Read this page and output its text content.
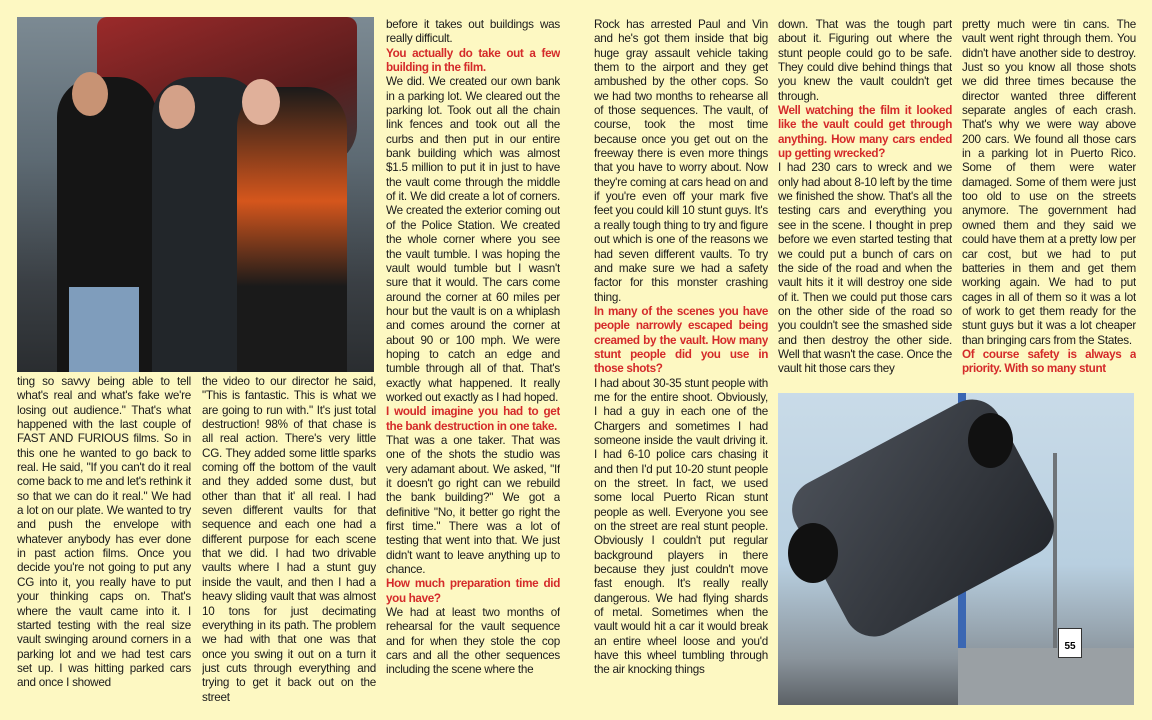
55

ting so savvy being able to tell what's real and what's fake we're losing out audience." That's what happened with the last couple of FAST AND FURIOUS films. So in this one he wanted to go back to real. He said, "If you can't do it real come back to me and let's rethink it so that we can do it real." We had a lot on our plate. We wanted to try and push the envelope with whatever anybody has ever done in past action films. Once you decide you're not going to put any CG into it, you really have to put your thinking caps on. That's where the vault came into it. I started testing with the real size vault swinging around corners in a parking lot and we had test cars set up. I was hitting parked cars and once I showed

the video to our director he said, "This is fantastic. This is what we are going to run with." It's just total destruction! 98% of that chase is all real action. There's very little CG. They added some little sparks coming off the bottom of the vault and they added some dust, but other than that it' all real. I had seven different vaults for that sequence and each one had a different purpose for each scene that we did. I had two drivable vaults where I had a stunt guy inside the vault, and then I had a heavy sliding vault that was almost 10 tons for just decimating everything in its path. The problem we had with that one was that once you swing it out on a turn it just cuts through everything and trying to get it back out on the street

before it takes out buildings was really difficult.

You actually do take out a few building in the film.

We did. We created our own bank in a parking lot. We cleared out the parking lot. Took out all the chain link fences and took out all the curbs and then put in our entire bank building which was almost $1.5 million to put it in just to have the vault come through the middle of it. We did create a lot of corners. We created the exterior coming out of the Police Station. We created the whole corner where you see the vault tumble. I was hoping the vault would tumble but I wasn't sure that it would. The cars come around the corner at 60 miles per hour but the vault is on a whiplash and comes around the corner at about 90 or 100 mph. We were hoping to catch an edge and tumble through all of that. That's exactly what happened. It really worked out exactly as I had hoped.

I would imagine you had to get the bank destruction in one take.

That was a one taker. That was one of the shots the studio was very adamant about. We asked, "If it doesn't go right can we rebuild the bank building?" We got a definitive "No, it better go right the first time." There was a lot of testing that went into that. We just didn't want to leave anything up to chance.

How much preparation time did you have?

We had at least two months of rehearsal for the vault sequence and for when they stole the cop cars and all the other sequences including the scene where the

Rock has arrested Paul and Vin and he's got them inside that big huge gray assault vehicle taking them to the airport and they get ambushed by the other cops. So we had two months to rehearse all of those sequences. The vault, of course, took the most time because once you get out on the freeway there is even more things that you have to worry about. Now they're coming at cars head on and if you're even off your mark five feet you could kill 10 stunt guys. It's a really tough thing to try and figure out which is one of the reasons we had seven different vaults. To try and make sure we had a safety factor for this monster crashing thing.

In many of the scenes you have people narrowly escaped being creamed by the vault. How many stunt people did you use in those shots?

I had about 30-35 stunt people with me for the entire shoot. Obviously, I had a guy in each one of the Chargers and sometimes I had someone inside the vault driving it. I had 6-10 police cars chasing it and then I'd put 10-20 stunt people on the street. In fact, we used some local Puerto Rican stunt people as well. Everyone you see on the street are real stunt people. Obviously I couldn't put regular background players in there because they just couldn't move fast enough. It's really really dangerous. We had flying shards of metal. Sometimes when the vault would hit a car it would break an entire wheel loose and you'd have this wheel tumbling through the air knocking things

down. That was the tough part about it. Figuring out where the stunt people could go to be safe. They could dive behind things that you knew the vault couldn't get through.

Well watching the film it looked like the vault could get through anything. How many cars ended up getting wrecked?

I had 230 cars to wreck and we only had about 8-10 left by the time we finished the show. That's all the testing cars and everything you see in the scene. I thought in prep before we even started testing that we could put a bunch of cars on the side of the road and when the vault hits it it will destroy one side of it. Then we could put those cars on the other side of the road so you couldn't see the smashed side and then destroy the other side. Well that wasn't the case. Once the vault hit those cars they

pretty much were tin cans. The vault went right through them. You didn't have another side to destroy. Just so you know all those shots we did three times because the director wanted three different separate angles of each crash. That's why we were way above 200 cars. We found all those cars in a parking lot in Puerto Rico. Some of them were water damaged. Some of them were just too old to use on the streets anymore. The government had owned them and they said we could have them at a pretty low per car cost, but we had to put batteries in them and get them working again. We had to put cages in all of them so it was a lot of work to get them ready for the stunt guys but it was a lot cheaper than bringing cars from the States.

Of course safety is always a priority. With so many stunt
